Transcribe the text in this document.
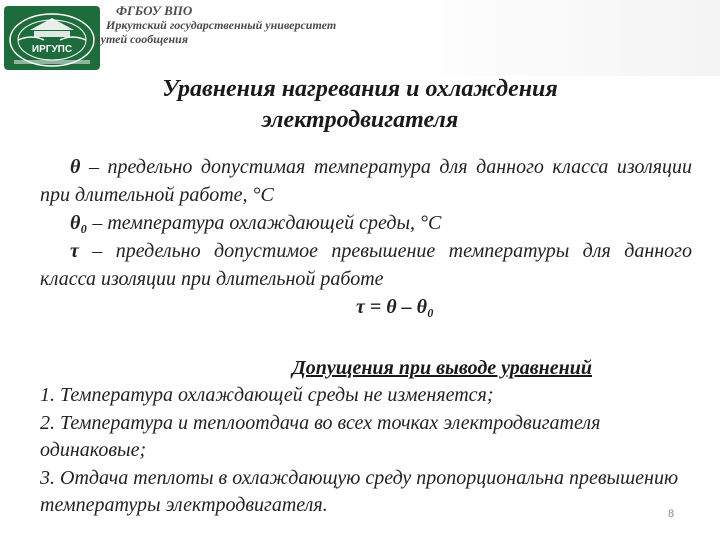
ИРГУПС
ФГБОУ ВПО
Иркутский государственный университет
путей сообщения
Уравнения нагревания и охлаждения
электродвигателя

θ – предельно допустимая температура для данного класса изоляции при длительной работе, °С

θ₀ – температура охлаждающей среды, °С

τ – предельно допустимое превышение температуры для данного класса изоляции при длительной работе

τ = θ – θ₀

Допущения при выводе уравнений

1. Температура охлаждающей среды не изменяется;

2. Температура и теплоотдача во всех точках электродвигателя одинаковые;

3. Отдача теплоты в охлаждающую среду пропорциональна превышению температуры электродвигателя.	8
